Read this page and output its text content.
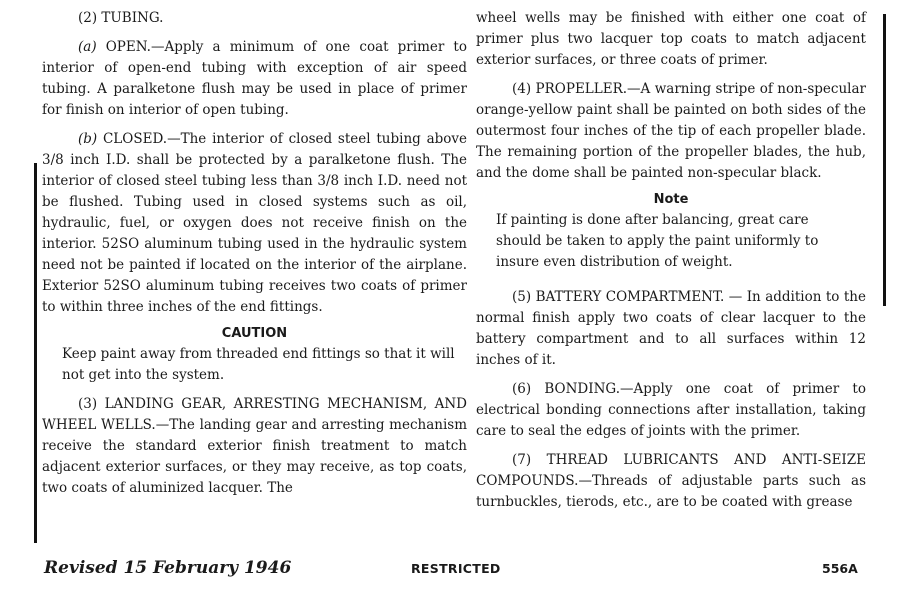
(2) TUBING.

(a) OPEN.—Apply a minimum of one coat primer to interior of open-end tubing with exception of air speed tubing. A paralketone flush may be used in place of primer for finish on interior of open tubing.

(b) CLOSED.—The interior of closed steel tubing above 3/8 inch I.D. shall be protected by a paralketone flush. The interior of closed steel tubing less than 3/8 inch I.D. need not be flushed. Tubing used in closed systems such as oil, hydraulic, fuel, or oxygen does not receive finish on the interior. 52SO aluminum tubing used in the hydraulic system need not be painted if located on the interior of the airplane. Exterior 52SO aluminum tubing receives two coats of primer to within three inches of the end fittings.

CAUTION

Keep paint away from threaded end fittings so that it will not get into the system.

(3) LANDING GEAR, ARRESTING MECHANISM, AND WHEEL WELLS.—The landing gear and arresting mechanism receive the standard exterior finish treatment to match adjacent exterior surfaces, or they may receive, as top coats, two coats of aluminized lacquer. The

wheel wells may be finished with either one coat of primer plus two lacquer top coats to match adjacent exterior surfaces, or three coats of primer.

(4) PROPELLER.—A warning stripe of non-specular orange-yellow paint shall be painted on both sides of the outermost four inches of the tip of each propeller blade. The remaining portion of the propeller blades, the hub, and the dome shall be painted non-specular black.

Note

If painting is done after balancing, great care should be taken to apply the paint uniformly to insure even distribution of weight.

(5) BATTERY COMPARTMENT. — In addition to the normal finish apply two coats of clear lacquer to the battery compartment and to all surfaces within 12 inches of it.

(6) BONDING.—Apply one coat of primer to electrical bonding connections after installation, taking care to seal the edges of joints with the primer.

(7) THREAD LUBRICANTS AND ANTI-SEIZE COMPOUNDS.—Threads of adjustable parts such as turnbuckles, tierods, etc., are to be coated with grease

Revised 15 February 1946	RESTRICTED	556A
